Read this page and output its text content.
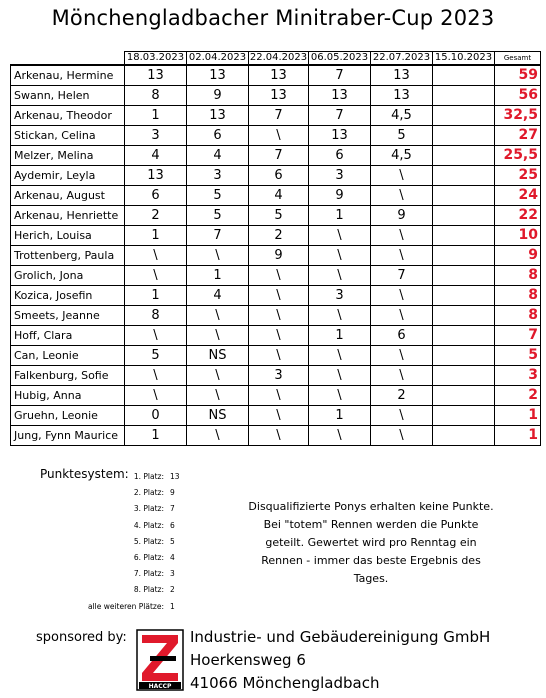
Mönchengladbacher Minitraber-Cup 2023
	18.03.2023	02.04.2023	22.04.2023	06.05.2023	22.07.2023	15.10.2023	Gesamt
Arkenau, Hermine	13	13	13	7	13		59
Swann, Helen	8	9	13	13	13		56
Arkenau, Theodor	1	13	7	7	4,5		32,5
Stickan, Celina	3	6	\	13	5		27
Melzer, Melina	4	4	7	6	4,5		25,5
Aydemir, Leyla	13	3	6	3	\		25
Arkenau, August	6	5	4	9	\		24
Arkenau, Henriette	2	5	5	1	9		22
Herich, Louisa	1	7	2	\	\		10
Trottenberg, Paula	\	\	9	\	\		9
Grolich, Jona	\	1	\	\	7		8
Kozica, Josefin	1	4	\	3	\		8
Smeets, Jeanne	8	\	\	\	\		8
Hoff, Clara	\	\	\	1	6		7
Can, Leonie	5	NS	\	\	\		5
Falkenburg, Sofie	\	\	3	\	\		3
Hubig, Anna	\	\	\	\	2		2
Gruehn, Leonie	0	NS	\	1	\		1
Jung, Fynn Maurice	1	\	\	\	\		1
Punktesystem: 1. Platz: 13
2. Platz: 9
3. Platz: 7
4. Platz: 6
5. Platz: 5
6. Platz: 4
7. Platz: 3
8. Platz: 2
alle weiteren Plätze: 1
Disqualifizierte Ponys erhalten keine Punkte.
Bei "totem" Rennen werden die Punkte
geteilt. Gewertet wird pro Renntag ein
Rennen - immer das beste Ergebnis des
Tages.
sponsored by:
HACCP
Industrie- und Gebäudereinigung GmbH
Hoerkensweg 6
41066 Mönchengladbach
